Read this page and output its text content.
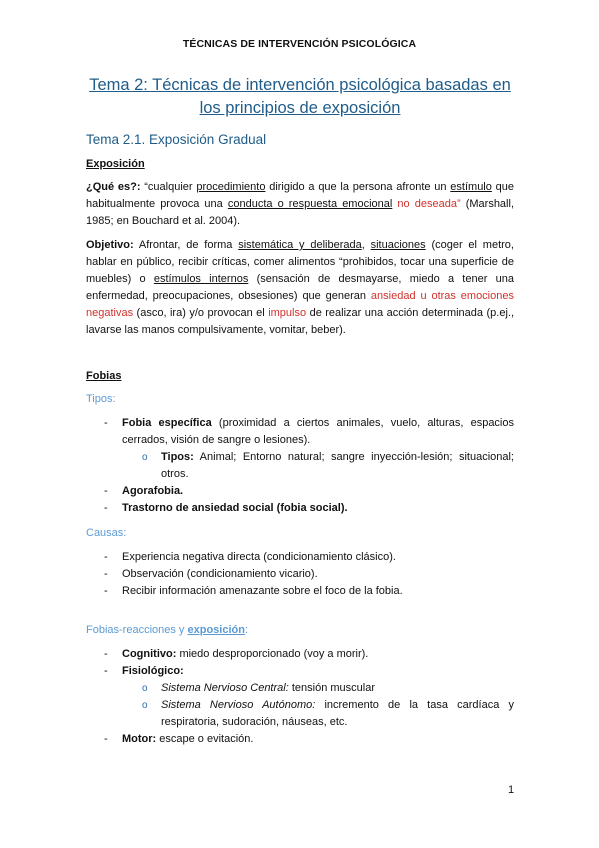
TÉCNICAS DE INTERVENCIÓN PSICOLÓGICA
Tema 2: Técnicas de intervención psicológica basadas en
los principios de exposición
Tema 2.1. Exposición Gradual
Exposición
¿Qué es?: “cualquier procedimiento dirigido a que la persona afronte un estímulo que habitualmente provoca una conducta o respuesta emocional no deseada” (Marshall, 1985; en Bouchard et al. 2004).
Objetivo: Afrontar, de forma sistemática y deliberada, situaciones (coger el metro, hablar en público, recibir críticas, comer alimentos “prohibidos, tocar una superficie de muebles) o estímulos internos (sensación de desmayarse, miedo a tener una enfermedad, preocupaciones, obsesiones) que generan ansiedad u otras emociones negativas (asco, ira) y/o provocan el impulso de realizar una acción determinada (p.ej., lavarse las manos compulsivamente, vomitar, beber).
Fobias
Tipos:
- Fobia específica (proximidad a ciertos animales, vuelo, alturas, espacios cerrados, visión de sangre o lesiones).
o Tipos: Animal; Entorno natural; sangre inyección-lesión; situacional; otros.
- Agorafobia.
- Trastorno de ansiedad social (fobia social).
Causas:
- Experiencia negativa directa (condicionamiento clásico).
- Observación (condicionamiento vicario).
- Recibir información amenazante sobre el foco de la fobia.
Fobias-reacciones y exposición:
- Cognitivo: miedo desproporcionado (voy a morir).
- Fisiológico:
o Sistema Nervioso Central: tensión muscular
o Sistema Nervioso Autónomo: incremento de la tasa cardíaca y respiratoria, sudoración, náuseas, etc.
- Motor: escape o evitación.
1
